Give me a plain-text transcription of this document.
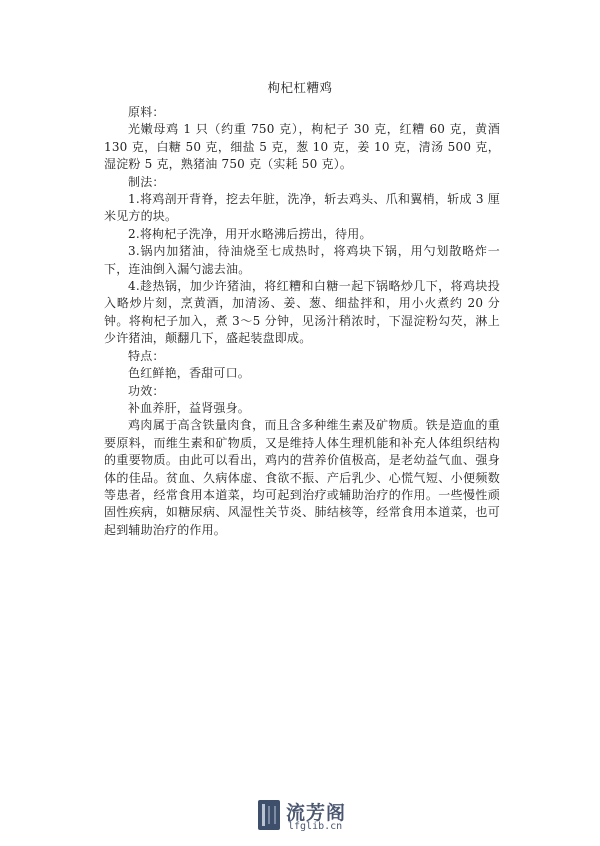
枸杞杠糟鸡

原料：

光嫩母鸡 1 只（约重 750 克），枸杞子 30 克，红糟 60 克，黄酒 130 克，白糖 50 克，细盐 5 克，葱 10 克，姜 10 克，清汤 500 克，湿淀粉 5 克，熟猪油 750 克（实耗 50 克）。

制法：

1.将鸡剖开背脊，挖去年脏，洗净，斩去鸡头、爪和翼梢，斩成 3 厘米见方的块。

2.将枸杞子洗净，用开水略沸后捞出，待用。

3.锅内加猪油，待油烧至七成热时，将鸡块下锅，用勺划散略炸一下，连油倒入漏勺滤去油。

4.趁热锅，加少许猪油，将红糟和白糖一起下锅略炒几下，将鸡块投入略炒片刻，烹黄酒，加清汤、姜、葱、细盐拌和，用小火煮约 20 分钟。将枸杞子加入，煮 3～5 分钟，见汤汁稍浓时，下湿淀粉勾芡，淋上少许猪油，颠翻几下，盛起装盘即成。

特点：

色红鲜艳，香甜可口。

功效：

补血养肝，益肾强身。

鸡肉属于高含铁量肉食，而且含多种维生素及矿物质。铁是造血的重要原料，而维生素和矿物质，又是维持人体生理机能和补充人体组织结构的重要物质。由此可以看出，鸡内的营养价值极高，是老幼益气血、强身体的佳品。贫血、久病体虚、食欲不振、产后乳少、心慌气短、小便频数等患者，经常食用本道菜，均可起到治疗或辅助治疗的作用。一些慢性顽固性疾病，如糖尿病、风湿性关节炎、肺结核等，经常食用本道菜，也可起到辅助治疗的作用。

流芳阁
lfglib.cn
